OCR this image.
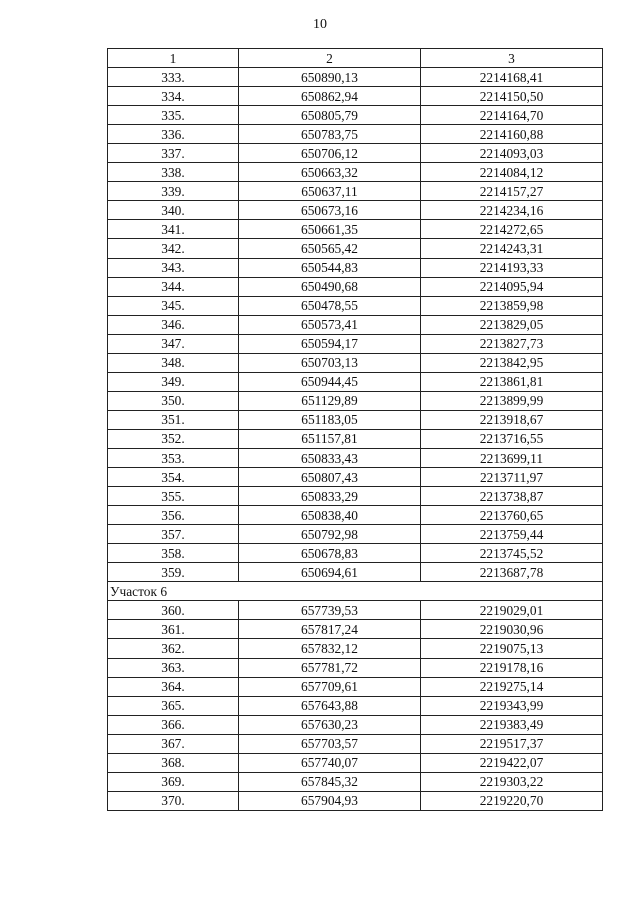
10
1	2	3
333.	650890,13	2214168,41
334.	650862,94	2214150,50
335.	650805,79	2214164,70
336.	650783,75	2214160,88
337.	650706,12	2214093,03
338.	650663,32	2214084,12
339.	650637,11	2214157,27
340.	650673,16	2214234,16
341.	650661,35	2214272,65
342.	650565,42	2214243,31
343.	650544,83	2214193,33
344.	650490,68	2214095,94
345.	650478,55	2213859,98
346.	650573,41	2213829,05
347.	650594,17	2213827,73
348.	650703,13	2213842,95
349.	650944,45	2213861,81
350.	651129,89	2213899,99
351.	651183,05	2213918,67
352.	651157,81	2213716,55
353.	650833,43	2213699,11
354.	650807,43	2213711,97
355.	650833,29	2213738,87
356.	650838,40	2213760,65
357.	650792,98	2213759,44
358.	650678,83	2213745,52
359.	650694,61	2213687,78
Участок 6		
360.	657739,53	2219029,01
361.	657817,24	2219030,96
362.	657832,12	2219075,13
363.	657781,72	2219178,16
364.	657709,61	2219275,14
365.	657643,88	2219343,99
366.	657630,23	2219383,49
367.	657703,57	2219517,37
368.	657740,07	2219422,07
369.	657845,32	2219303,22
370.	657904,93	2219220,70
